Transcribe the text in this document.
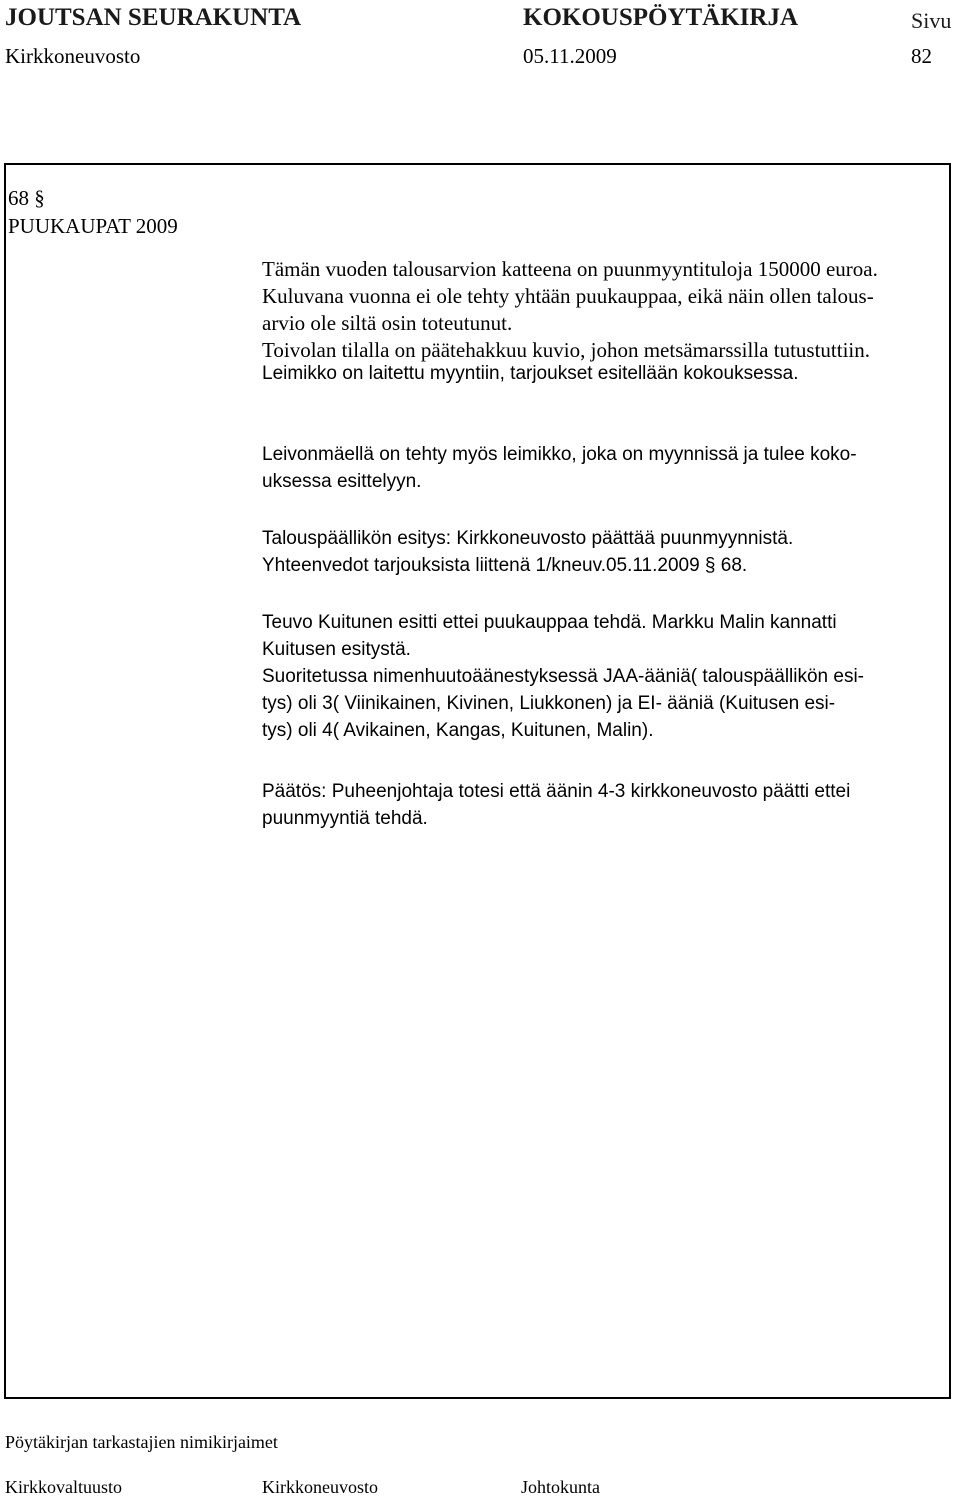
JOUTSAN SEURAKUNTA	KOKOUSPÖYTÄKIRJA	Sivu
Kirkkoneuvosto	05.11.2009	82
68 §
PUUKAUPAT 2009
Tämän vuoden talousarvion katteena on puunmyyntituloja 150000 euroa.
Kuluvana vuonna ei ole tehty yhtään puukauppaa, eikä näin ollen talous-
arvio ole siltä osin toteutunut.
Toivolan tilalla on päätehakkuu kuvio, johon metsämarssilla tutustuttiin.
Leimikko on laitettu myyntiin, tarjoukset esitellään kokouksessa.
Leivonmäellä on tehty myös leimikko, joka on myynnissä ja tulee koko-
uksessa esittelyyn.
Talouspäällikön esitys: Kirkkoneuvosto päättää puunmyynnistä.
Yhteenvedot tarjouksista liittenä 1/kneuv.05.11.2009 § 68.
Teuvo Kuitunen esitti ettei puukauppaa tehdä. Markku Malin kannatti
Kuitusen esitystä.
Suoritetussa nimenhuutoäänestyksessä JAA-ääniä( talouspäällikön esi-
tys) oli 3( Viinikainen, Kivinen, Liukkonen) ja EI- ääniä (Kuitusen esi-
tys) oli 4( Avikainen, Kangas, Kuitunen, Malin).
Päätös: Puheenjohtaja totesi että äänin 4-3 kirkkoneuvosto päätti ettei
puunmyyntiä tehdä.
Pöytäkirjan tarkastajien nimikirjaimet
Kirkkovaltuusto	Kirkkoneuvosto	Johtokunta
